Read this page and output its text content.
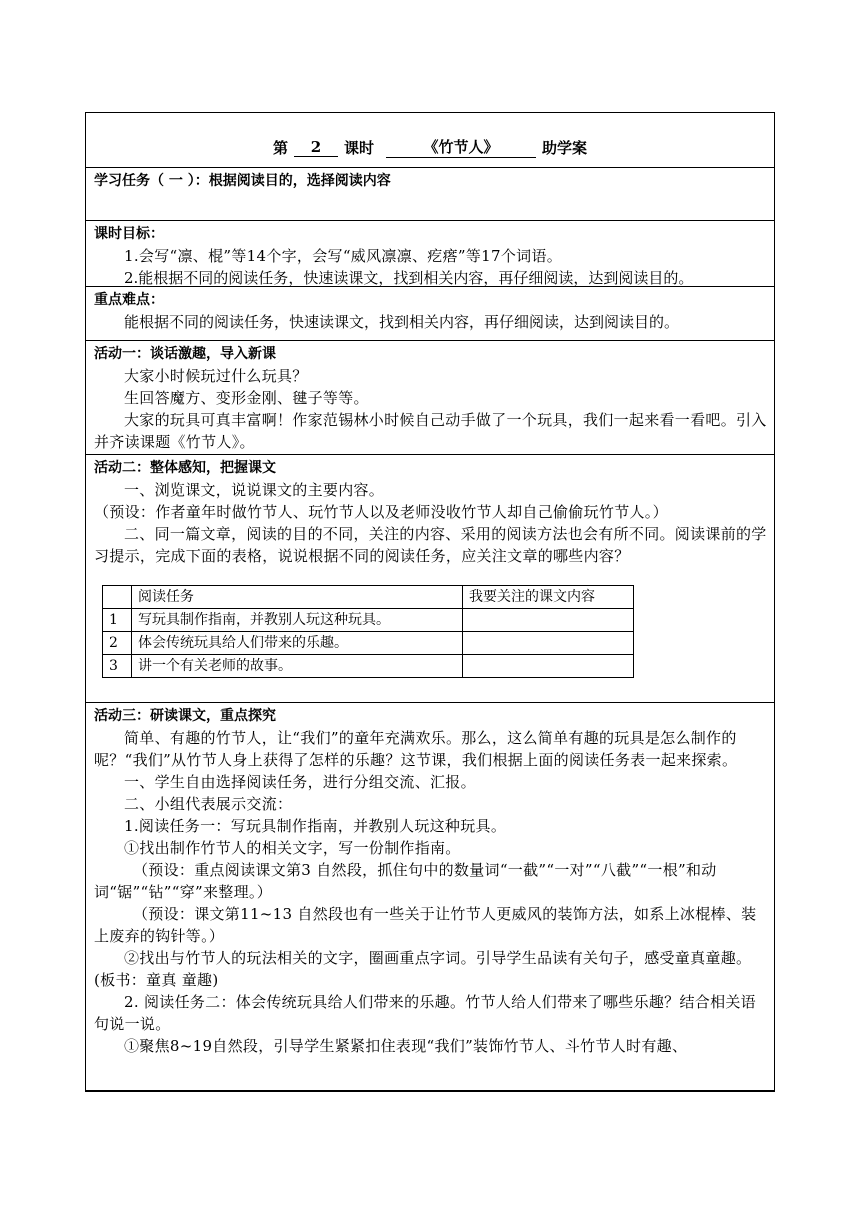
第	2	课时	《竹节人》	助学案
学习任务（ 一 ）：根据阅读目的，选择阅读内容
课时目标：
1.会写“凛、棍”等14个字，会写“威风凛凛、疙瘩”等17个词语。
2.能根据不同的阅读任务，快速读课文，找到相关内容，再仔细阅读，达到阅读目的。
重点难点：
能根据不同的阅读任务，快速读课文，找到相关内容，再仔细阅读，达到阅读目的。
活动一：谈话激趣，导入新课
大家小时候玩过什么玩具？
生回答魔方、变形金刚、毽子等等。
大家的玩具可真丰富啊！作家范锡林小时候自己动手做了一个玩具，我们一起来看一看吧。引入并齐读课题《竹节人》。
活动二：整体感知，把握课文
一、浏览课文，说说课文的主要内容。
（预设：作者童年时做竹节人、玩竹节人以及老师没收竹节人却自己偷偷玩竹节人。）
二、同一篇文章，阅读的目的不同，关注的内容、采用的阅读方法也会有所不同。阅读课前的学习提示，完成下面的表格，说说根据不同的阅读任务，应关注文章的哪些内容？
	阅读任务	我要关注的课文内容
1	写玩具制作指南，并教别人玩这种玩具。	
2	体会传统玩具给人们带来的乐趣。	
3	讲一个有关老师的故事。	
活动三：研读课文，重点探究
简单、有趣的竹节人，让“我们”的童年充满欢乐。那么，这么简单有趣的玩具是怎么制作的呢？“我们”从竹节人身上获得了怎样的乐趣？这节课，我们根据上面的阅读任务表一起来探索。
一、学生自由选择阅读任务，进行分组交流、汇报。
二、小组代表展示交流：
1.阅读任务一：写玩具制作指南，并教别人玩这种玩具。
①找出制作竹节人的相关文字，写一份制作指南。
（预设：重点阅读课文第3 自然段，抓住句中的数量词“一截”“一对”“八截”“一根”和动词“锯”“钻”“穿”来整理。）
（预设：课文第11~13 自然段也有一些关于让竹节人更威风的装饰方法，如系上冰棍棒、装上废弃的钩针等。）
②找出与竹节人的玩法相关的文字，圈画重点字词。引导学生品读有关句子，感受童真童趣。(板书：童真 童趣)
2. 阅读任务二：体会传统玩具给人们带来的乐趣。竹节人给人们带来了哪些乐趣？结合相关语句说一说。
①聚焦8~19自然段，引导学生紧紧扣住表现“我们”装饰竹节人、斗竹节人时有趣、
